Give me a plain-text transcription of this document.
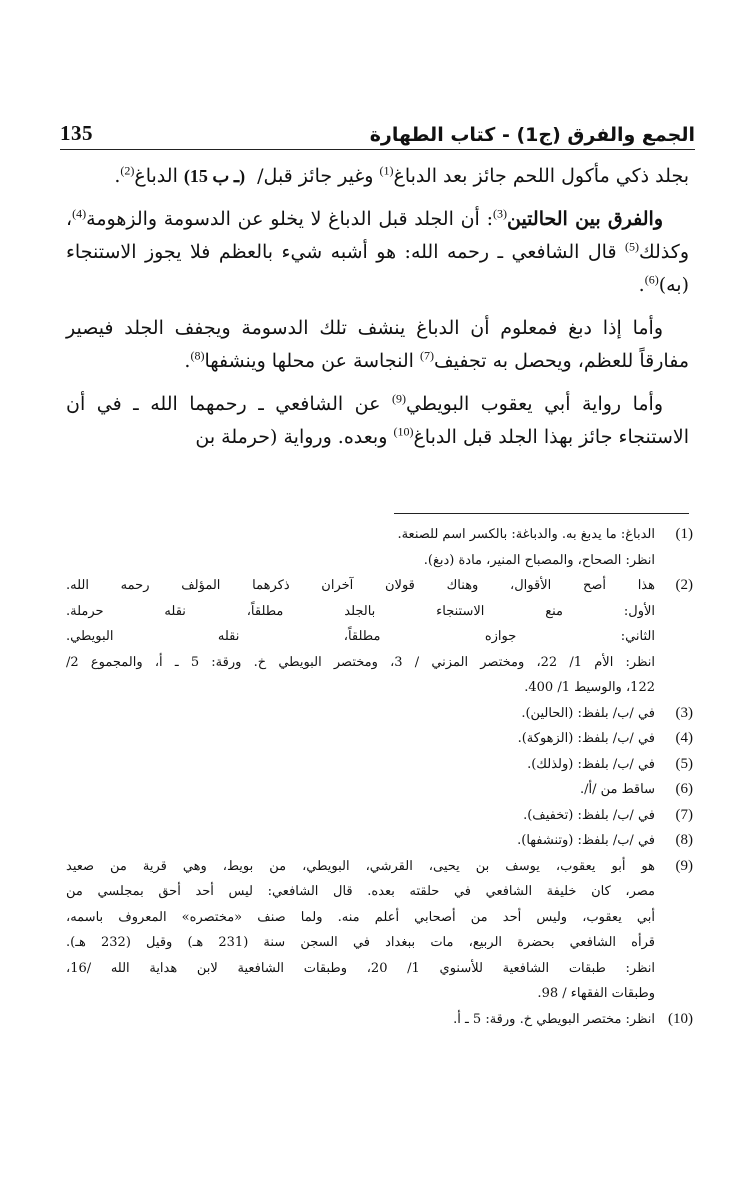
135	الجمع والفرق (ج1) - كتاب الطهارة

بجلد ذكي مأكول اللحم جائز بعد الدباغ$^{(1)}$ وغير جائز قبل/ (15 ـ ب) الدباغ$^{(2)}$.

والفرق بين الحالتين$^{(3)}$: أن الجلد قبل الدباغ لا يخلو عن الدسومة والزهومة$^{(4)}$، وكذلك$^{(5)}$ قال الشافعي ـ رحمه الله: هو أشبه شيء بالعظم فلا يجوز الاستنجاء (به)$^{(6)}$.

وأما إذا دبغ فمعلوم أن الدباغ ينشف تلك الدسومة ويجفف الجلد فيصير مفارقاً للعظم، ويحصل به تجفيف$^{(7)}$ النجاسة عن محلها وينشفها$^{(8)}$.

وأما رواية أبي يعقوب البويطي$^{(9)}$ عن الشافعي ـ رحمهما الله ـ في أن الاستنجاء جائز بهذا الجلد قبل الدباغ$^{(10)}$ وبعده. ورواية (حرملة بن

(1)
الدباغ: ما يدبغ به. والدباغة: بالكسر اسم للصنعة.
انظر: الصحاح، والمصباح المنير، مادة (دبغ).
(2)
هذا أصح الأقوال، وهناك قولان آخران ذكرهما المؤلف رحمه الله.
الأول: منع الاستنجاء بالجلد مطلقاً، نقله حرملة.
الثاني: جوازه مطلقاً، نقله البويطي.
انظر: الأم 1/ 22، ومختصر المزني / 3، ومختصر البويطي خ. ورقة: 5 ـ أ، والمجموع 2/
122، والوسيط 1/ 400.
(3)
في /ب/ بلفظ: (الحالين).
(4)
في /ب/ بلفظ: (الزهوكة).
(5)
في /ب/ بلفظ: (ولذلك).
(6)
ساقط من /أ/.
(7)
في /ب/ بلفظ: (تخفيف).
(8)
في /ب/ بلفظ: (وتنشفها).
(9)
هو أبو يعقوب، يوسف بن يحيى، القرشي، البويطي، من بويط، وهي قرية من صعيد
مصر، كان خليفة الشافعي في حلقته بعده. قال الشافعي: ليس أحد أحق بمجلسي من
أبي يعقوب، وليس أحد من أصحابي أعلم منه. ولما صنف «مختصره» المعروف باسمه،
قرأه الشافعي بحضرة الربيع، مات ببغداد في السجن سنة (231 هـ) وقيل (232 هـ).
انظر: طبقات الشافعية للأسنوي 1/ 20، وطبقات الشافعية لابن هداية الله /16،
وطبقات الفقهاء / 98.
(10)
انظر: مختصر البويطي خ. ورقة: 5 ـ أ.
